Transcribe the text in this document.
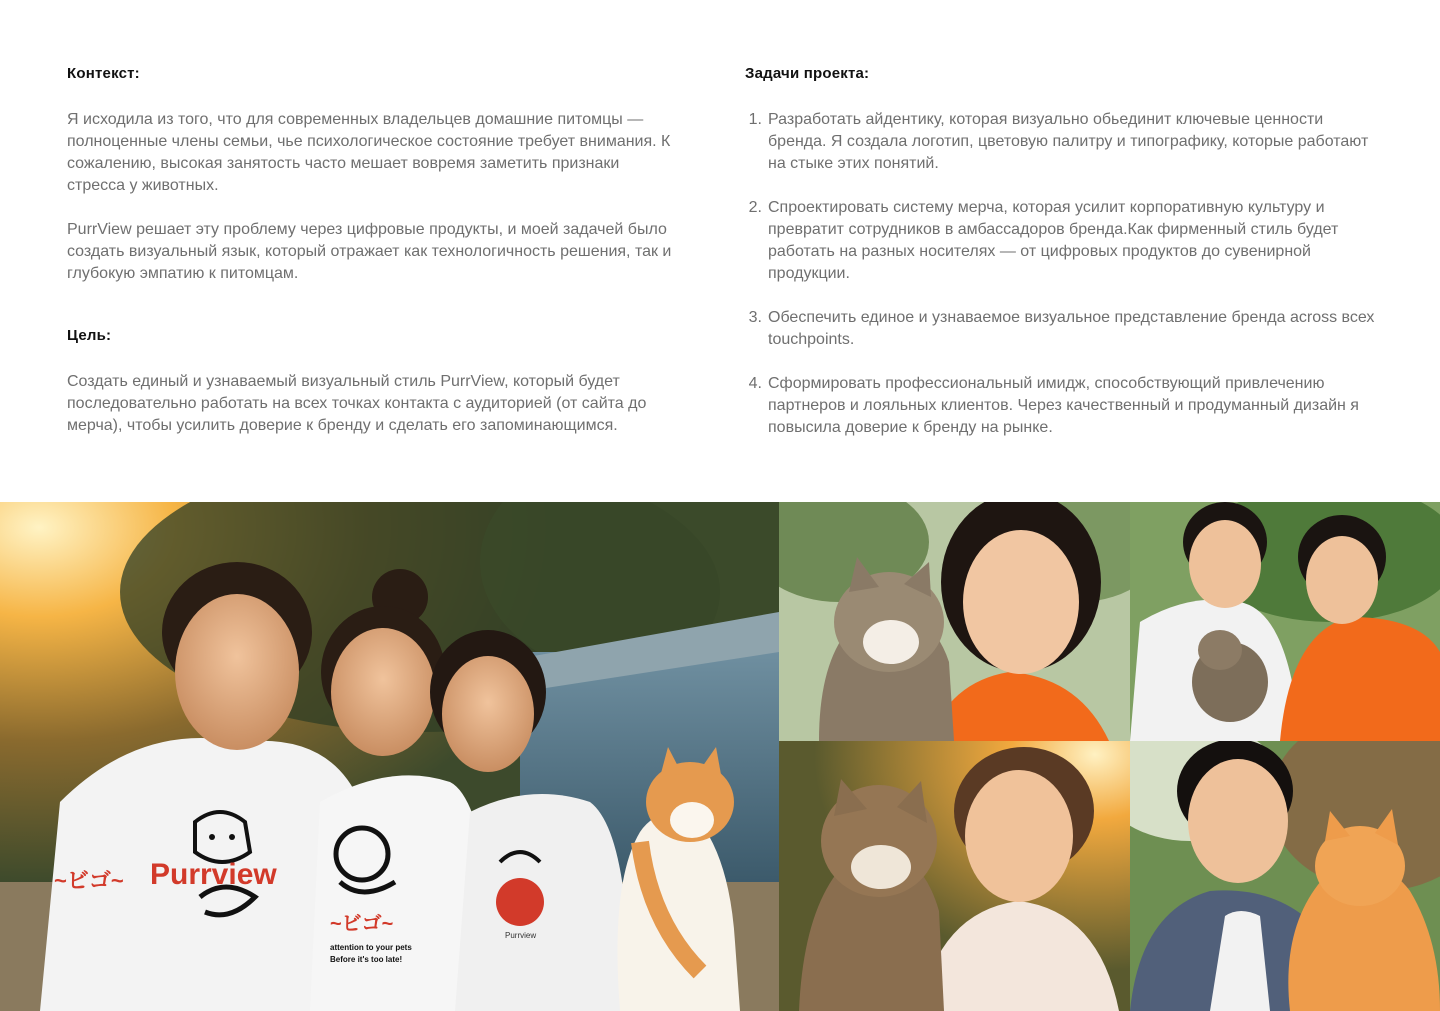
Контекст:

Я исходила из того, что для современных владельцев домашние питомцы — полноценные члены семьи, чье психологическое состояние требует внимания. К сожалению, высокая занятость часто мешает вовремя заметить признаки стресса у животных.

PurrView решает эту проблему через цифровые продукты, и моей задачей было создать визуальный язык, который отражает как технологичность решения, так и глубокую эмпатию к питомцам.

Цель:

Создать единый и узнаваемый визуальный стиль PurrView, который будет последовательно работать на всех точках контакта с аудиторией (от сайта до мерча), чтобы усилить доверие к бренду и сделать его запоминающимся.

Задачи проекта:
1. Разработать айдентику, которая визуально обьединит ключевые ценности бренда. Я создала логотип, цветовую палитру и типографику, которые работают на стыке этих понятий.
2. Спроектировать систему мерча, которая усилит корпоративную культуру и превратит сотрудников в амбассадоров бренда.Как фирменный стиль будет работать на разных носителях — от цифровых продуктов до сувенирной продукции.
3. Обеспечить единое и узнаваемое визуальное представление бренда across всех touchpoints.
4. Сформировать профессиональный имидж, способствующий привлечению партнеров и лояльных клиентов. Через качественный и продуманный дизайн я повысила доверие к бренду на рынке.
Purrview
~ビゴ~
~ビゴ~
attention to your pets
Before it's too late!
Purrview
